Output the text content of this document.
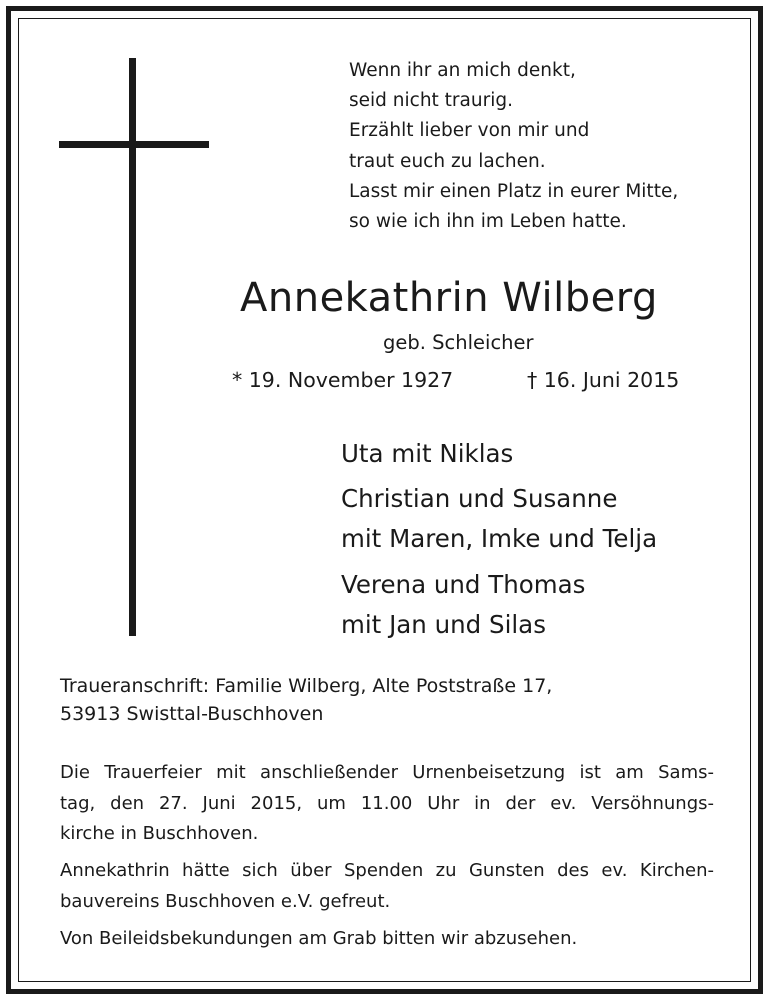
Wenn ihr an mich denkt,
seid nicht traurig.
Erzählt lieber von mir und
traut euch zu lachen.
Lasst mir einen Platz in eurer Mitte,
so wie ich ihn im Leben hatte.
Annekathrin Wilberg
geb. Schleicher
* 19. November 1927	† 16. Juni 2015
Uta mit Niklas
Christian und Susanne
mit Maren, Imke und Telja
Verena und Thomas
mit Jan und Silas
Traueranschrift: Familie Wilberg, Alte Poststraße 17,
53913 Swisttal-Buschhoven
Die Trauerfeier mit anschließender Urnenbeisetzung ist am Sams-
tag, den 27. Juni 2015, um 11.00 Uhr in der ev. Versöhnungs-
kirche in Buschhoven.
Annekathrin hätte sich über Spenden zu Gunsten des ev. Kirchen-
bauvereins Buschhoven e.V. gefreut.
Von Beileidsbekundungen am Grab bitten wir abzusehen.
